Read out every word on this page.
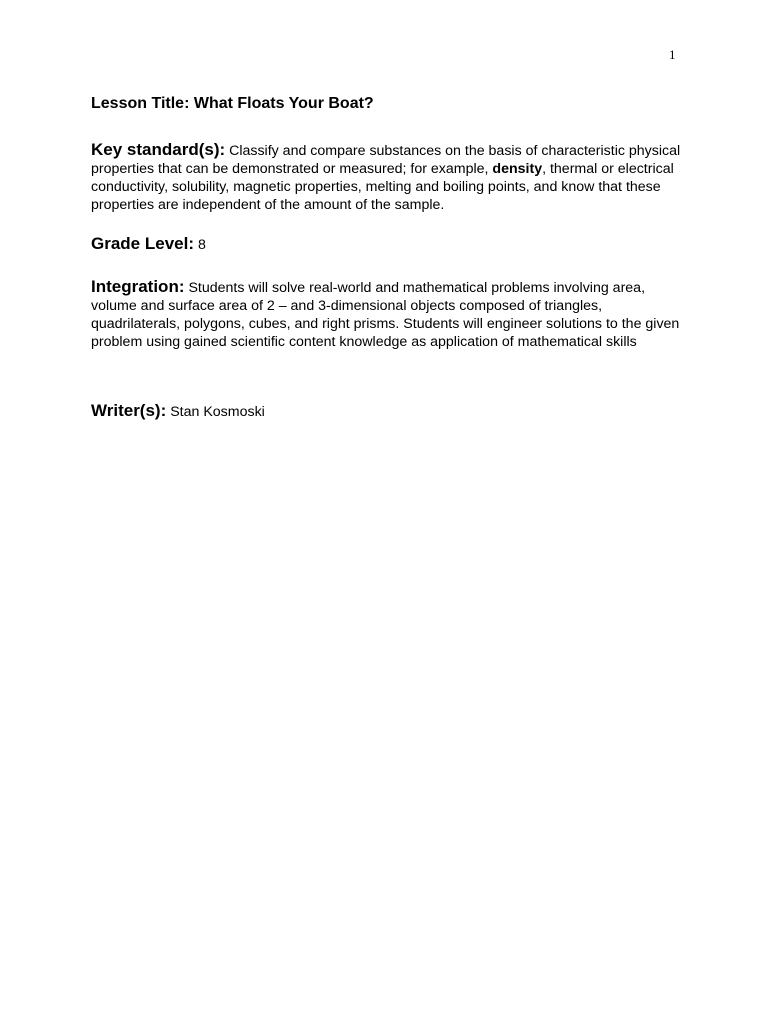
1
Lesson Title: What Floats Your Boat?
Key standard(s): Classify and compare substances on the basis of characteristic physical properties that can be demonstrated or measured; for example, density, thermal or electrical conductivity, solubility, magnetic properties, melting and boiling points, and know that these properties are independent of the amount of the sample.
Grade Level: 8
Integration: Students will solve real-world and mathematical problems involving area, volume and surface area of 2 – and 3-dimensional objects composed of triangles, quadrilaterals, polygons, cubes, and right prisms. Students will engineer solutions to the given problem using gained scientific content knowledge as application of mathematical skills
Writer(s): Stan Kosmoski
